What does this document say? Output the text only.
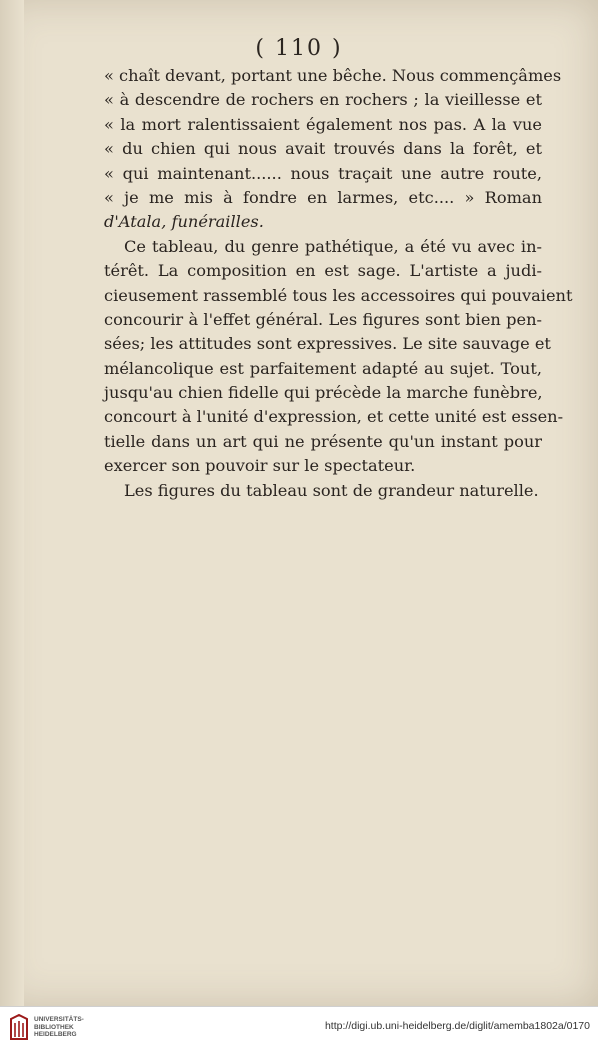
( 110 )
« chaît devant, portant une bêche. Nous commençâmes
« à descendre de rochers en rochers ; la vieillesse et
« la mort ralentissaient également nos pas. A la vue
« du chien qui nous avait trouvés dans la forêt, et
« qui maintenant...... nous traçait une autre route,
« je me mis à fondre en larmes, etc.... » Roman
d'Atala, funérailles.
Ce tableau, du genre pathétique, a été vu avec in-
térêt. La composition en est sage. L'artiste a judi-
cieusement rassemblé tous les accessoires qui pouvaient
concourir à l'effet général. Les figures sont bien pen-
sées; les attitudes sont expressives. Le site sauvage et
mélancolique est parfaitement adapté au sujet. Tout,
jusqu'au chien fidelle qui précède la marche funèbre,
concourt à l'unité d'expression, et cette unité est essen-
tielle dans un art qui ne présente qu'un instant pour
exercer son pouvoir sur le spectateur.
Les figures du tableau sont de grandeur naturelle.
UNIVERSITÄTS-
BIBLIOTHEK
HEIDELBERG
http://digi.ub.uni-heidelberg.de/diglit/amemba1802a/0170
